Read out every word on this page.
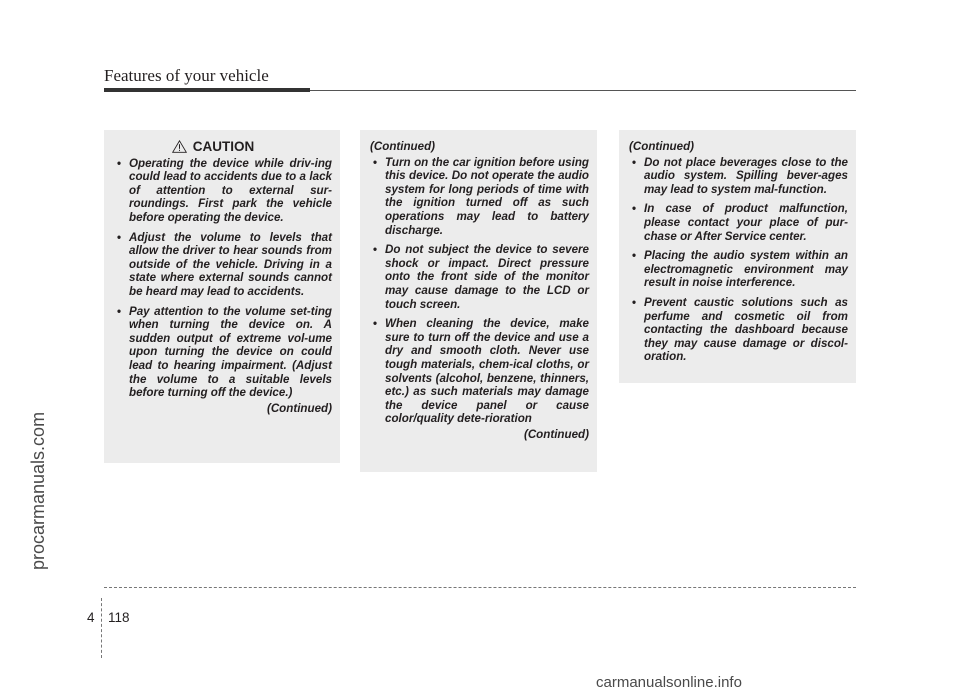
Features of your vehicle
procarmanuals.com
CAUTION
• Operating the device while driv-ing could lead to accidents due to a lack of attention to external sur-roundings. First park the vehicle before operating the device.
• Adjust the volume to levels that allow the driver to hear sounds from outside of the vehicle. Driving in a state where external sounds cannot be heard may lead to accidents.
• Pay attention to the volume set-ting when turning the device on. A sudden output of extreme vol-ume upon turning the device on could lead to hearing impairment. (Adjust the volume to a suitable levels before turning off the device.)
(Continued)
(Continued)
• Turn on the car ignition before using this device. Do not operate the audio system for long periods of time with the ignition turned off as such operations may lead to battery discharge.
• Do not subject the device to severe shock or impact. Direct pressure onto the front side of the monitor may cause damage to the LCD or touch screen.
• When cleaning the device, make sure to turn off the device and use a dry and smooth cloth. Never use tough materials, chem-ical cloths, or solvents (alcohol, benzene, thinners, etc.) as such materials may damage the device panel or cause color/quality dete-rioration
(Continued)
(Continued)
• Do not place beverages close to the audio system. Spilling bever-ages may lead to system mal-function.
• In case of product malfunction, please contact your place of pur-chase or After Service center.
• Placing the audio system within an electromagnetic environment may result in noise interference.
• Prevent caustic solutions such as perfume and cosmetic oil from contacting the dashboard because they may cause damage or discol-oration.
4 118
carmanualsonline.info
